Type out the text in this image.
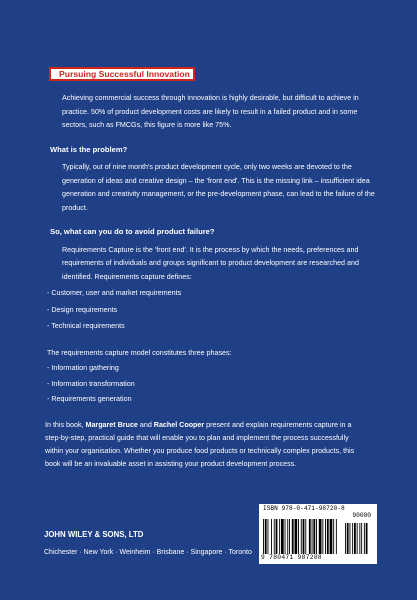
Pursuing Successful Innovation

Achieving commercial success through innovation is highly desirable, but difficult to achieve in practice. 50% of product development costs are likely to result in a failed product and in some sectors, such as FMCGs, this figure is more like 75%.

What is the problem?

Typically, out of nine month's product development cycle, only two weeks are devoted to the generation of ideas and creative design – the 'front end'. This is the missing link – insufficient idea generation and creativity management, or the pre-development phase, can lead to the failure of the product.

So, what can you do to avoid product failure?

Requirements Capture is the 'front end'. It is the process by which the needs, preferences and requirements of individuals and groups significant to product development are researched and identified. Requirements capture defines:

- Customer, user and market requirements

- Design requirements

- Technical requirements

The requirements capture model constitutes three phases:

- Information gathering

- Information transformation

- Requirements generation

In this book, Margaret Bruce and Rachel Cooper present and explain requirements capture in a step-by-step, practical guide that will enable you to plan and implement the process successfully within your organisation. Whether you produce food products or technically complex products, this book will be an invaluable asset in assisting your product development process.

JOHN WILEY & SONS, LTD
Chichester · New York · Weinheim · Brisbane · Singapore · Toronto
ISBN 978-0-471-98720-8
90000
9 780471 987208
